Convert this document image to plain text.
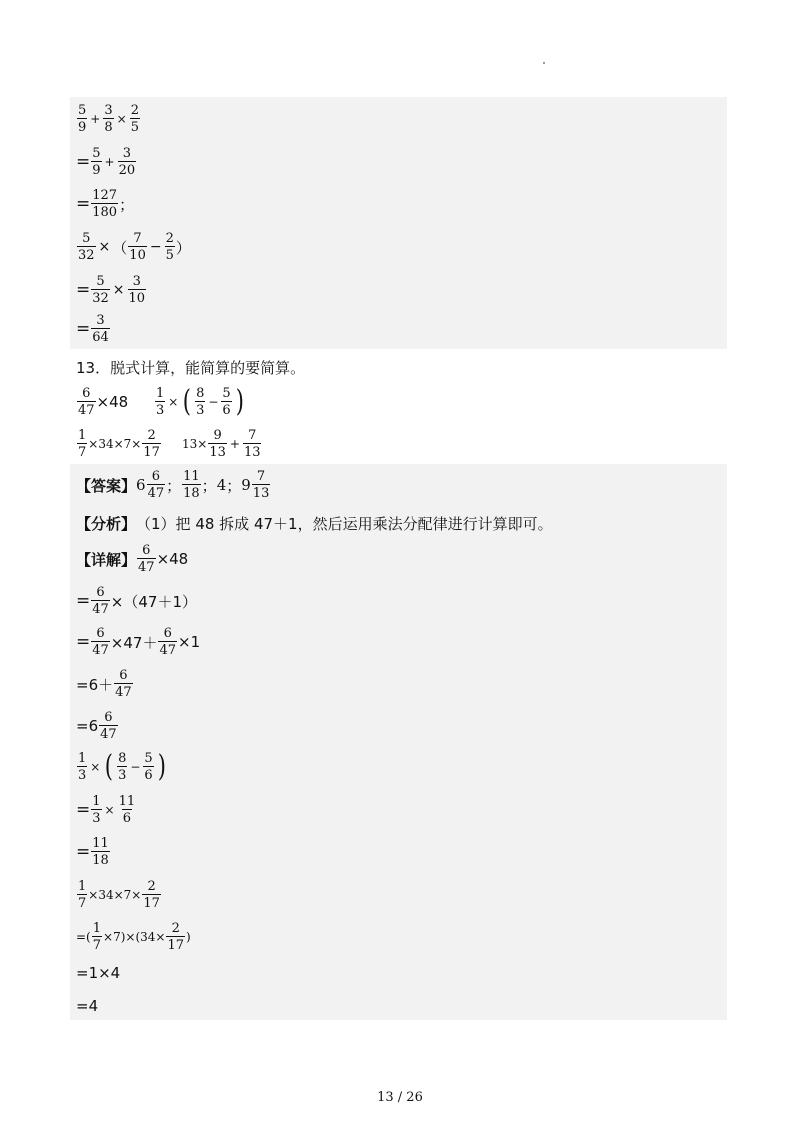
$\frac{5}{9} + \frac{3}{8} \times \frac{2}{5}$
= $\frac{5}{9} + \frac{3}{20}$
= $\frac{127}{180}$ ；
$\frac{5}{32}$ × （ $\frac{7}{10} - \frac{2}{5}$ ）
= $\frac{5}{32} \times \frac{3}{10}$
= $\frac{3}{64}$
13．脱式计算，能简算的要简算。
$\frac{6}{47} \times 48 \frac{1}{3}$ × ( $\frac{8}{3} - \frac{5}{6}$ )
$\frac{1}{7} \times 34\times 7\times \frac{2}{17} 13\times \frac{9}{13} + \frac{7}{13}$
【答案】 $6 \frac{6}{47}$ ； $\frac{11}{18}$ ； 4 ； $9 \frac{7}{13}$
【分析】 （1）把 48 拆成 47＋1，然后运用乘法分配律进行计算即可。
【详解】 $\frac{6}{47} \times 48$
= $\frac{6}{47} \times(47+1)$
= $\frac{6}{47} \times 47+ \frac{6}{47} \times 1$
$=6+ \frac{6}{47}$
$=6 \frac{6}{47}$
$\frac{1}{3}$ × ( $\frac{8}{3} - \frac{5}{6}$ )
= $\frac{1}{3} \times \frac{11}{6}$
= $\frac{11}{18}$
$\frac{1}{7} \times 34\times 7\times \frac{2}{17}$
=( $\frac{1}{7} \times 7)\times(34\times \frac{2}{17}$ )
=1×4
=4
13 / 26
